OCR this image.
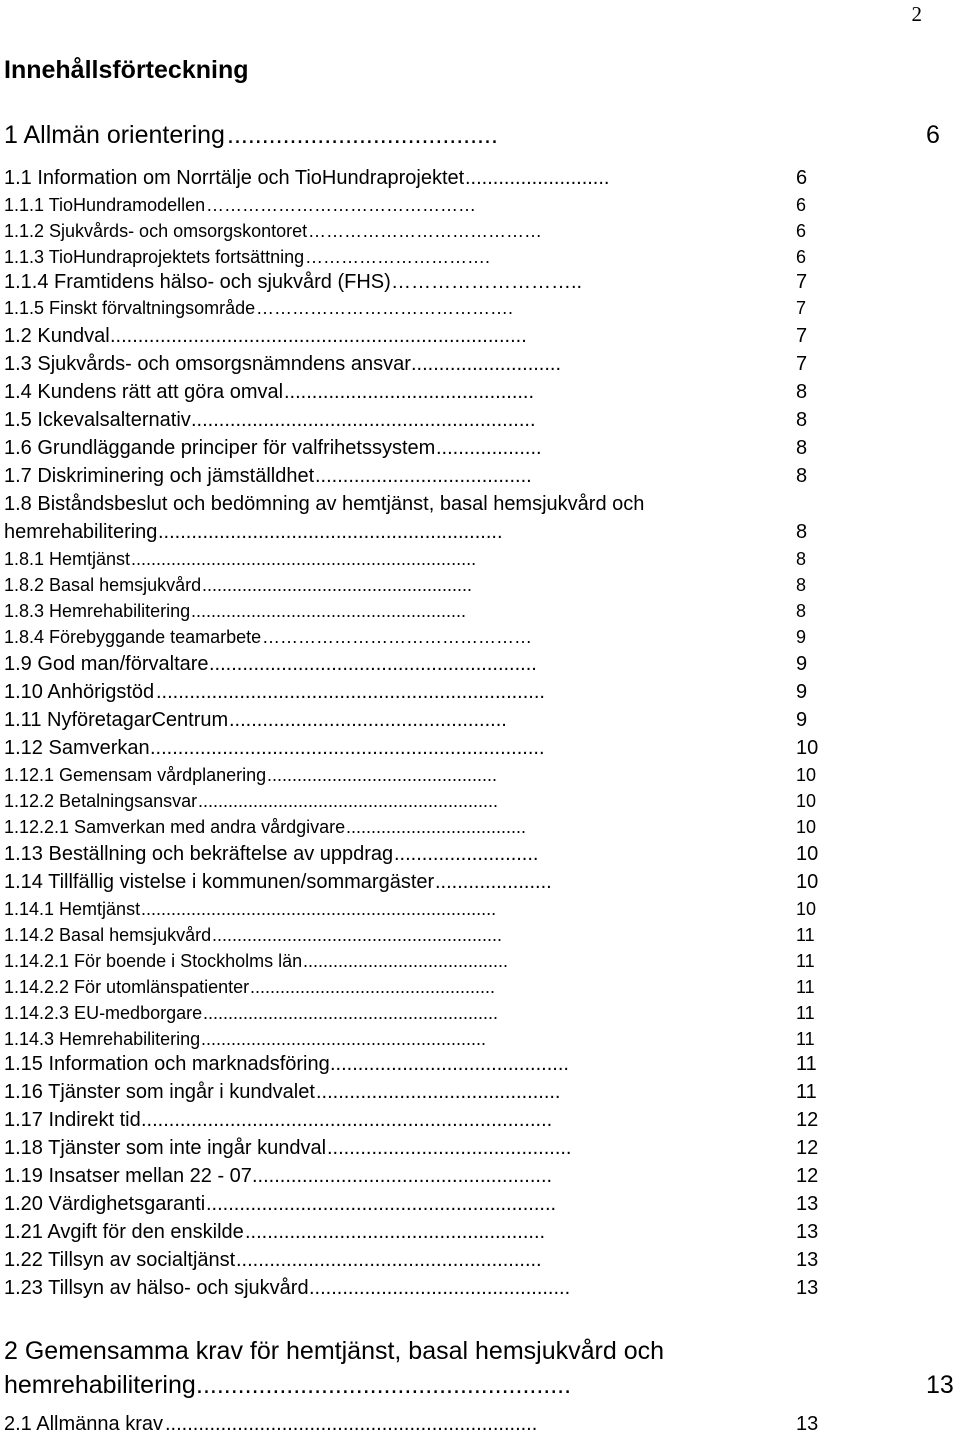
2
Innehållsförteckning
1 Allmän orientering .......................................	6
1.1 Information om Norrtälje och TioHundraprojektet ..........................	6
1.1.1 TioHundramodellen ………………………………………	6
1.1.2 Sjukvårds- och omsorgskontoret …………………………………	6
1.1.3 TioHundraprojektets fortsättning ………………………….	6
1.1.4 Framtidens hälso- och sjukvård (FHS) ………………………..	7
1.1.5 Finskt förvaltningsområde …………………………………….	7
1.2 Kundval ...........................................................................	7
1.3 Sjukvårds- och omsorgsnämndens ansvar ...........................	7
1.4 Kundens rätt att göra omval .............................................	8
1.5 Ickevalsalternativ ..............................................................	8
1.6 Grundläggande principer för valfrihetssystem ...................	8
1.7 Diskriminering och jämställdhet .......................................	8
1.8 Biståndsbeslut och bedömning av hemtjänst, basal hemsjukvård och
hemrehabilitering ..............................................................	8
1.8.1 Hemtjänst .....................................................................	8
1.8.2 Basal hemsjukvård ......................................................	8
1.8.3 Hemrehabilitering .......................................................	8
1.8.4 Förebyggande teamarbete ………………………………………	9
1.9 God man/förvaltare ...........................................................	9
1.10 Anhörigstöd ......................................................................	9
1.11 NyföretagarCentrum ..................................................	9
1.12 Samverkan .......................................................................	10
1.12.1 Gemensam vårdplanering ..............................................	10
1.12.2 Betalningsansvar ............................................................	10
1.12.2.1 Samverkan med andra vårdgivare ....................................	10
1.13 Beställning och bekräftelse av uppdrag ..........................	10
1.14 Tillfällig vistelse i kommunen/sommargäster .....................	10
1.14.1 Hemtjänst .......................................................................	10
1.14.2 Basal hemsjukvård ..........................................................	11
1.14.2.1 För boende i Stockholms län .........................................	11
1.14.2.2 För utomlänspatienter .................................................	11
1.14.2.3 EU-medborgare ...........................................................	11
1.14.3 Hemrehabilitering .........................................................	11
1.15 Information och marknadsföring ...........................................	11
1.16 Tjänster som ingår i kundvalet ............................................	11
1.17 Indirekt tid ..........................................................................	12
1.18 Tjänster som inte ingår kundval ............................................	12
1.19 Insatser mellan 22 - 07 ......................................................	12
1.20 Värdighetsgaranti ...............................................................	13
1.21 Avgift för den enskilde ......................................................	13
1.22 Tillsyn av socialtjänst .......................................................	13
1.23 Tillsyn av hälso- och sjukvård ...............................................	13
2 Gemensamma krav för hemtjänst, basal hemsjukvård och
hemrehabilitering ......................................................	13
2.1 Allmänna krav ...................................................................	13
